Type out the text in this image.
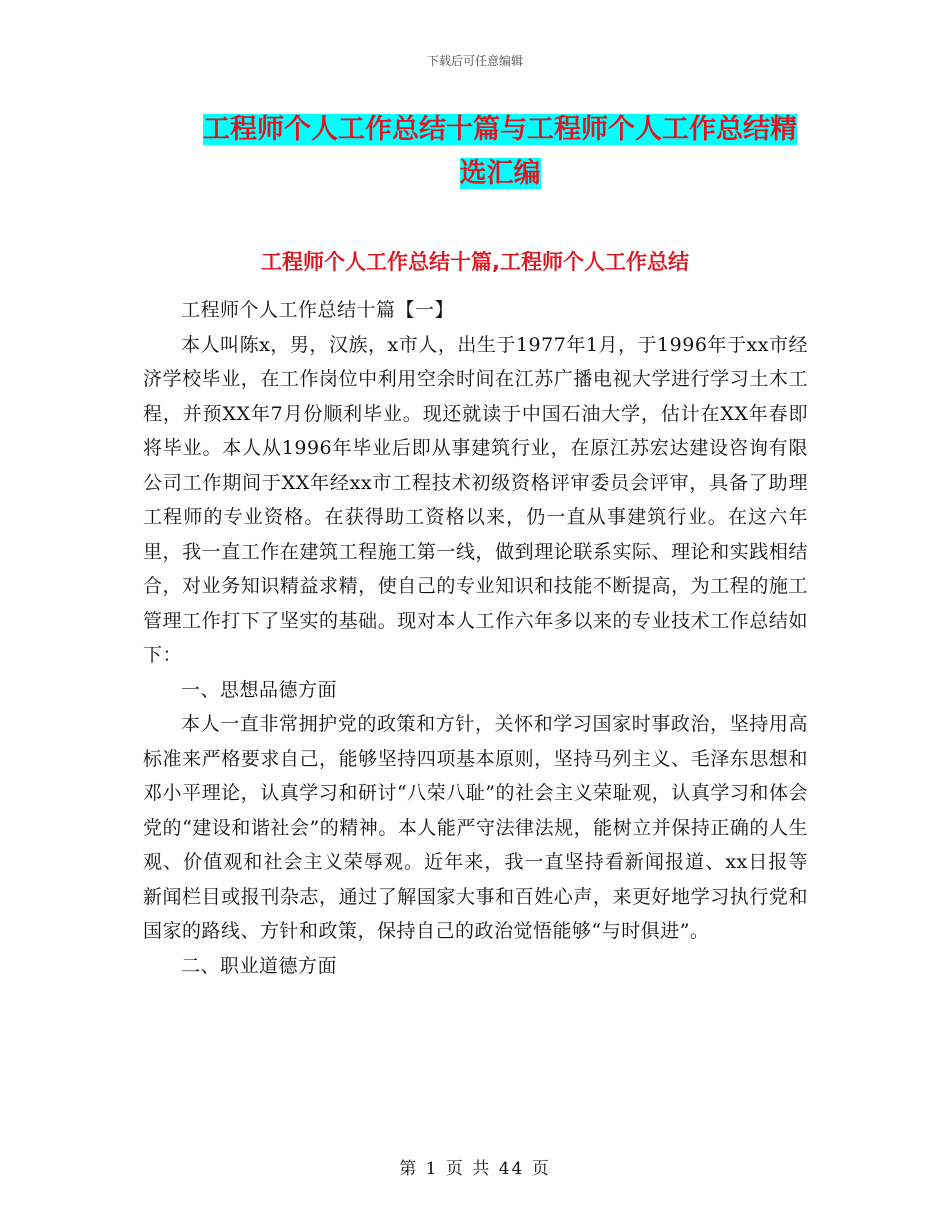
下载后可任意编辑
工程师个人工作总结十篇与工程师个人工作总结精选汇编
工程师个人工作总结十篇,工程师个人工作总结

工程师个人工作总结十篇【一】

本人叫陈x，男，汉族，x市人，出生于1977年1月，于1996年于xx市经济学校毕业，在工作岗位中利用空余时间在江苏广播电视大学进行学习土木工程，并预XX年7月份顺利毕业。现还就读于中国石油大学，估计在XX年春即将毕业。本人从1996年毕业后即从事建筑行业，在原江苏宏达建设咨询有限公司工作期间于XX年经xx市工程技术初级资格评审委员会评审，具备了助理工程师的专业资格。在获得助工资格以来，仍一直从事建筑行业。在这六年里，我一直工作在建筑工程施工第一线，做到理论联系实际、理论和实践相结合，对业务知识精益求精，使自己的专业知识和技能不断提高，为工程的施工管理工作打下了坚实的基础。现对本人工作六年多以来的专业技术工作总结如下：

一、思想品德方面

本人一直非常拥护党的政策和方针，关怀和学习国家时事政治，坚持用高标准来严格要求自己，能够坚持四项基本原则，坚持马列主义、毛泽东思想和邓小平理论，认真学习和研讨“八荣八耻”的社会主义荣耻观，认真学习和体会党的“建设和谐社会”的精神。本人能严守法律法规，能树立并保持正确的人生观、价值观和社会主义荣辱观。近年来，我一直坚持看新闻报道、xx日报等新闻栏目或报刊杂志，通过了解国家大事和百姓心声，来更好地学习执行党和国家的路线、方针和政策，保持自己的政治觉悟能够“与时俱进”。

二、职业道德方面

第 1 页 共 44 页
